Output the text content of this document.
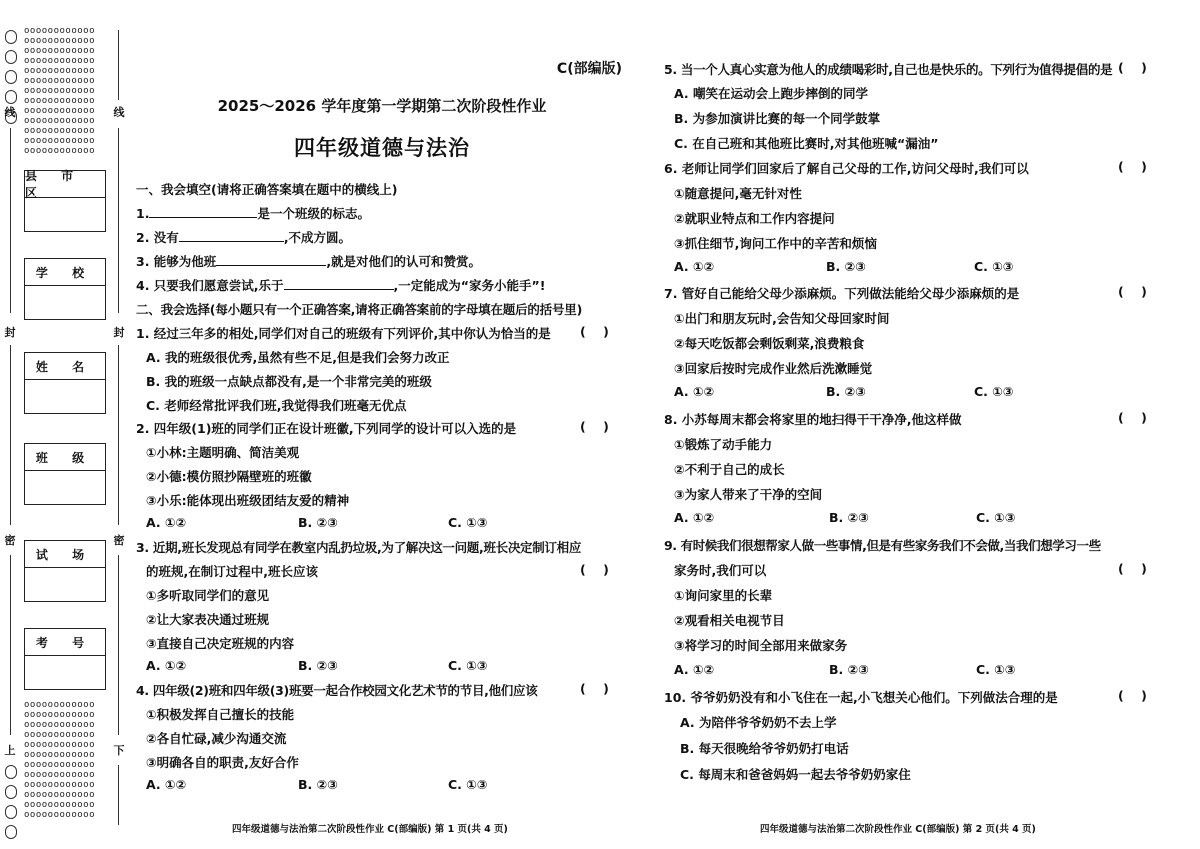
线
封
密
上
线
封
密
下
oooooooooooo
oooooooooooo
oooooooooooo
oooooooooooo
oooooooooooo
oooooooooooo
oooooooooooo
oooooooooooo
oooooooooooo
oooooooooooo
oooooooooooo
oooooooooooo
oooooooooooo
县 市 区
学 校
姓 名
班 级
试 场
考 号
oooooooooooo
oooooooooooo
oooooooooooo
oooooooooooo
oooooooooooo
oooooooooooo
oooooooooooo
oooooooooooo
oooooooooooo
oooooooooooo
oooooooooooo
oooooooooooo
C(部编版)
2025～2026 学年度第一学期第二次阶段性作业
四年级道德与法治
一、我会填空(请将正确答案填在题中的横线上)
1.	是一个班级的标志。
2. 没有	,不成方圆。
3. 能够为他班	,就是对他们的认可和赞赏。
4. 只要我们愿意尝试,乐于	,一定能成为“家务小能手”!
二、我会选择(每小题只有一个正确答案,请将正确答案前的字母填在题后的括号里)
1. 经过三年多的相处,同学们对自己的班级有下列评价,其中你认为恰当的是 (    )
A. 我的班级很优秀,虽然有些不足,但是我们会努力改正
B. 我的班级一点缺点都没有,是一个非常完美的班级
C. 老师经常批评我们班,我觉得我们班毫无优点
2. 四年级(1)班的同学们正在设计班徽,下列同学的设计可以入选的是	(    )
①小林:主题明确、简洁美观
②小德:模仿照抄隔壁班的班徽
③小乐:能体现出班级团结友爱的精神
A. ①②	B. ②③	C. ①③
3. 近期,班长发现总有同学在教室内乱扔垃圾,为了解决这一问题,班长决定制订相应
的班规,在制订过程中,班长应该	(    )
①多听取同学们的意见
②让大家表决通过班规
③直接自己决定班规的内容
A. ①②	B. ②③	C. ①③
4. 四年级(2)班和四年级(3)班要一起合作校园文化艺术节的节目,他们应该	(    )
①积极发挥自己擅长的技能
②各自忙碌,减少沟通交流
③明确各自的职责,友好合作
A. ①②	B. ②③	C. ①③
四年级道德与法治第二次阶段性作业 C(部编版) 第 1 页(共 4 页)
5. 当一个人真心实意为他人的成绩喝彩时,自己也是快乐的。下列行为值得提倡的是 (    )
A. 嘲笑在运动会上跑步摔倒的同学
B. 为参加演讲比赛的每一个同学鼓掌
C. 在自己班和其他班比赛时,对其他班喊“漏油”
6. 老师让同学们回家后了解自己父母的工作,访问父母时,我们可以	(    )
①随意提问,毫无针对性
②就职业特点和工作内容提问
③抓住细节,询问工作中的辛苦和烦恼
A. ①②	B. ②③	C. ①③
7. 管好自己能给父母少添麻烦。下列做法能给父母少添麻烦的是	(    )
①出门和朋友玩时,会告知父母回家时间
②每天吃饭都会剩饭剩菜,浪费粮食
③回家后按时完成作业然后洗漱睡觉
A. ①②	B. ②③	C. ①③
8. 小苏每周末都会将家里的地扫得干干净净,他这样做	(    )
①锻炼了动手能力
②不利于自己的成长
③为家人带来了干净的空间
A. ①②	B. ②③	C. ①③
9. 有时候我们很想帮家人做一些事情,但是有些家务我们不会做,当我们想学习一些
家务时,我们可以	(    )
①询问家里的长辈
②观看相关电视节目
③将学习的时间全部用来做家务
A. ①②	B. ②③	C. ①③
10. 爷爷奶奶没有和小飞住在一起,小飞想关心他们。下列做法合理的是	(    )
A. 为陪伴爷爷奶奶不去上学
B. 每天很晚给爷爷奶奶打电话
C. 每周末和爸爸妈妈一起去爷爷奶奶家住
四年级道德与法治第二次阶段性作业 C(部编版) 第 2 页(共 4 页)
